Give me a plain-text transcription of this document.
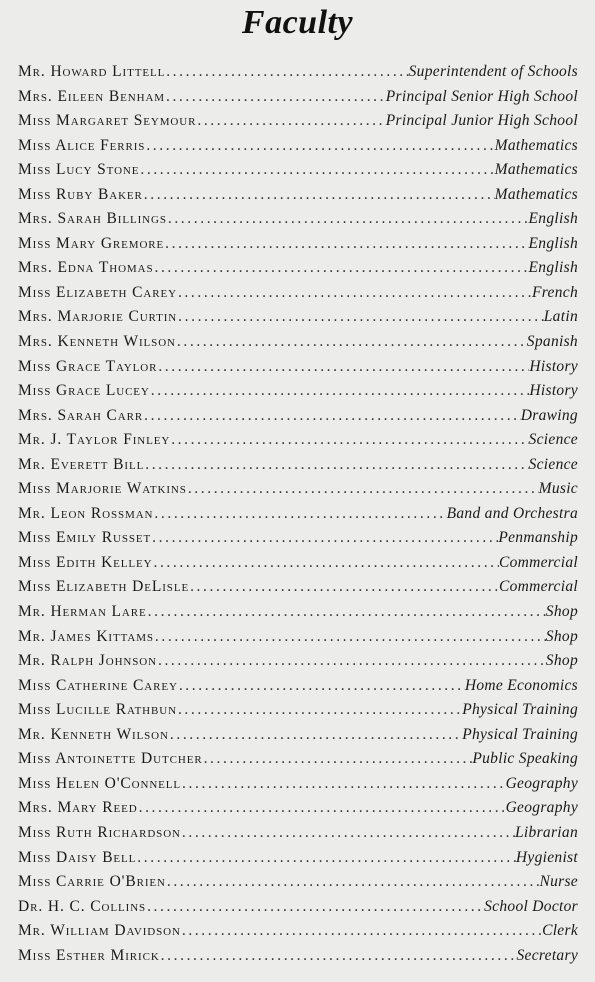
Faculty
Mr. Howard Littell .....	Superintendent of Schools
Mrs. Eileen Benham .....	Principal Senior High School
Miss Margaret Seymour .....	Principal Junior High School
Miss Alice Ferris .....	Mathematics
Miss Lucy Stone .....	Mathematics
Miss Ruby Baker .....	Mathematics
Mrs. Sarah Billings .....	English
Miss Mary Gremore .....	English
Mrs. Edna Thomas .....	English
Miss Elizabeth Carey .....	French
Mrs. Marjorie Curtin .....	Latin
Mrs. Kenneth Wilson .....	Spanish
Miss Grace Taylor .....	History
Miss Grace Lucey .....	History
Mrs. Sarah Carr .....	Drawing
Mr. J. Taylor Finley .....	Science
Mr. Everett Bill .....	Science
Miss Marjorie Watkins .....	Music
Mr. Leon Rossman .....	Band and Orchestra
Miss Emily Russet .....	Penmanship
Miss Edith Kelley .....	Commercial
Miss Elizabeth DeLisle .....	Commercial
Mr. Herman Lare .....	Shop
Mr. James Kittams .....	Shop
Mr. Ralph Johnson .....	Shop
Miss Catherine Carey .....	Home Economics
Miss Lucille Rathbun .....	Physical Training
Mr. Kenneth Wilson .....	Physical Training
Miss Antoinette Dutcher .....	Public Speaking
Miss Helen O'Connell .....	Geography
Mrs. Mary Reed .....	Geography
Miss Ruth Richardson .....	Librarian
Miss Daisy Bell .....	Hygienist
Miss Carrie O'Brien .....	Nurse
Dr. H. C. Collins .....	School Doctor
Mr. William Davidson .....	Clerk
Miss Esther Mirick .....	Secretary
